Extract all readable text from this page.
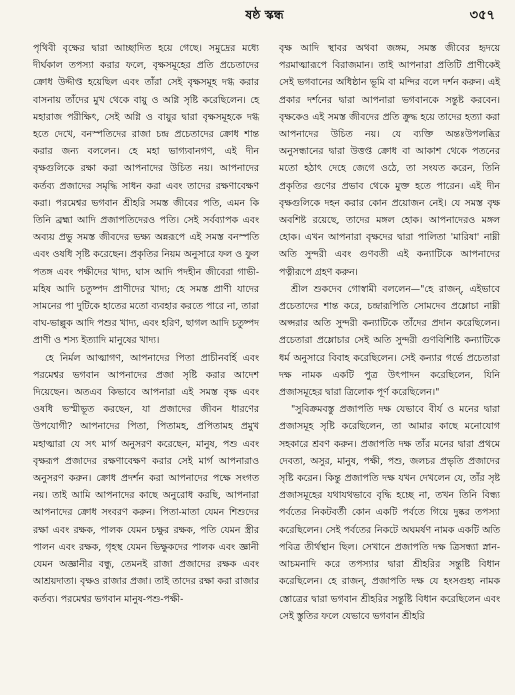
ষষ্ঠ স্কন্ধ	৩৫৭

পৃথিবী বৃক্ষের দ্বারা আচ্ছাদিত হয়ে গেছে। সমুদ্রের মধ্যে দীর্ঘকাল তপস্যা করার ফলে, বৃক্ষসমূহের প্রতি প্রচেতাদের ক্রোধ উদ্দীপ্ত হয়েছিল এবং তাঁরা সেই বৃক্ষসমূহ দগ্ধ করার বাসনায় তাঁদের মুখ থেকে বায়ু ও অগ্নি সৃষ্টি করেছিলেন। হে মহারাজ পরীক্ষিৎ, সেই অগ্নি ও বায়ুর দ্বারা বৃক্ষসমূহকে দগ্ধ হতে দেখে, বনস্পতিদের রাজা চন্দ্র প্রচেতাদের ক্রোধ শান্ত করার জন্য বললেন। হে মহা ভাগ্যবানগণ, এই দীন বৃক্ষগুলিকে রক্ষা করা আপনাদের উচিত নয়। আপনাদের কর্তব্য প্রজাদের সমৃদ্ধি সাধন করা এবং তাদের রক্ষণাবেক্ষণ করা। পরমেশ্বর ভগবান শ্রীহরি সমস্ত জীবের পতি, এমন কি তিনি ব্রহ্মা আদি প্রজাপতিদেরও পতি। সেই সর্বব্যাপক এবং অব্যয় প্রভু সমস্ত জীবদের ভক্ষ্য অন্নরূপে এই সমস্ত বনস্পতি এবং ওষধি সৃষ্টি করেছেন। প্রকৃতির নিয়ম অনুসারে ফল ও ফুল পতঙ্গ এবং পক্ষীদের খাদ্য, ঘাস আদি পদহীন জীবেরা গাভী-মহিষ আদি চতুষ্পদ প্রাণীদের খাদ্য; হে সমস্ত প্রাণী যাদের সামনের পা দুটিকে হাতের মতো ব্যবহার করতে পারে না, তারা বাঘ-ভাল্লুক আদি পশুর খাদ্য, এবং হরিণ, ছাগল আদি চতুষ্পদ প্রাণী ও শস্য ইত্যাদি মানুষের খাদ্য।

হে নির্মল আত্মাগণ, আপনাদের পিতা প্রাচীনবর্হি এবং পরমেশ্বর ভগবান আপনাদের প্রজা সৃষ্টি করার আদেশ দিয়েছেন। অতএব কিভাবে আপনারা এই সমস্ত বৃক্ষ এবং ওষধি ভস্মীভূত করছেন, যা প্রজাদের জীবন ধারণের উপযোগী? আপনাদের পিতা, পিতামহ, প্রপিতামহ প্রমুখ মহাত্মারা যে সৎ মার্গ অনুসরণ করেছেন, মানুষ, পশু এবং বৃক্ষরূপ প্রজাদের রক্ষণাবেক্ষণ করার সেই মার্গ আপনারাও অনুসরণ করুন। ক্রোধ প্রদর্শন করা আপনাদের পক্ষে সংগত নয়। তাই আমি আপনাদের কাছে অনুরোধ করছি, আপনারা আপনাদের ক্রোধ সংবরণ করুন। পিতা-মাতা যেমন শিশুদের রক্ষা এবং রক্ষক, পালক যেমন চক্ষুর রক্ষক, পতি যেমন স্ত্রীর পালন এবং রক্ষক, গৃহস্থ যেমন ভিক্ষুকদের পালক এবং জ্ঞানী যেমন অজ্ঞানীর বন্ধু, তেমনই রাজা প্রজাদের রক্ষক এবং আশ্রয়দাতা। বৃক্ষও রাজার প্রজা। তাই তাদের রক্ষা করা রাজার কর্তব্য। পরমেশ্বর ভগবান মানুষ-পশু-পক্ষী-

বৃক্ষ আদি স্থাবর অথবা জঙ্গম, সমস্ত জীবের হৃদয়ে পরমাত্মারূপে বিরাজমান। তাই আপনারা প্রতিটি প্রাণীকেই সেই ভগবানের অধিষ্ঠান ভূমি বা মন্দির বলে দর্শন করুন। এই প্রকার দর্শনের দ্বারা আপনারা ভগবানকে সন্তুষ্ট করবেন। বৃক্ষকেও এই সমস্ত জীবদের প্রতি ক্রুদ্ধ হয়ে তাদের হত্যা করা আপনাদের উচিত নয়। যে ব্যক্তি অন্তঃউপলব্ধির অনুসন্ধানের দ্বারা উত্তপ্ত ক্রোধ বা আকাশ থেকে পতনের মতো হঠাৎ দেহে জেগে ওঠে, তা সংযত করেন, তিনি প্রকৃতির গুণের প্রভাব থেকে মুক্ত হতে পারেন। এই দীন বৃক্ষগুলিকে দহন করার কোন প্রয়োজন নেই। যে সমস্ত বৃক্ষ অবশিষ্ট রয়েছে, তাদের মঙ্গল হোক। আপনাদেরও মঙ্গল হোক। এখন আপনারা বৃক্ষদের দ্বারা পালিতা 'মারিষা' নাম্নী অতি সুন্দরী এবং গুণবতী এই কন্যাটিকে আপনাদের পত্নীরূপে গ্রহণ করুন।

শ্রীল শুকদেব গোস্বামী বললেন—"হে রাজন্, এইভাবে প্রচেতাদের শান্ত করে, চন্দ্রারূপিতি সোমদেব প্রম্লোচা নাম্নী অপ্সরার অতি সুন্দরী কন্যাটিকে তাঁদের প্রদান করেছিলেন। প্রচেতারা প্রম্লোচার সেই অতি সুন্দরী গুণবিশিষ্টি কন্যাটিকে ধর্ম অনুসারে বিবাহ করেছিলেন। সেই কন্যার গর্ভে প্রচেতারা দক্ষ নামক একটি পুত্র উৎপাদন করেছিলেন, যিনি প্রজাসমূহের দ্বারা ত্রিলোক পূর্ণ করেছিলেন।"

"সুবিক্রমবস্তু প্রজাপতি দক্ষ যেভাবে বীর্য ও মনের দ্বারা প্রজাসমূহ সৃষ্টি করেছিলেন, তা আমার কাছে মনোযোগ সহকারে শ্রবণ করুন। প্রজাপতি দক্ষ তাঁর মনের দ্বারা প্রথমে দেবতা, অসুর, মানুষ, পক্ষী, পশু, জলচর প্রভৃতি প্রজাদের সৃষ্টি করেন। কিন্তু প্রজাপতি দক্ষ যখন দেখলেন যে, তাঁর সৃষ্ট প্রজাসমূহের যথাযথভাবে বৃদ্ধি হচ্ছে না, তখন তিনি বিন্ধ্য পর্বতের নিকটবর্তী কোন একটি পর্বতে গিয়ে দুষ্কর তপস্যা করেছিলেন। সেই পর্বতের নিকটে অঘমর্ষণ নামক একটি অতি পবিত্র তীর্থস্থান ছিল। সেখানে প্রজাপতি দক্ষ ত্রিসন্ধ্যা স্নান-আচমনাদি করে তপস্যার দ্বারা শ্রীহরির সন্তুষ্টি বিধান করেছিলেন। হে রাজন্, প্রজাপতি দক্ষ যে হংসগুহ্য নামক স্তোত্রের দ্বারা ভগবান শ্রীহরির সন্তুষ্টি বিধান করেছিলেন এবং সেই স্তুতির ফলে যেভাবে ভগবান শ্রীহরি
